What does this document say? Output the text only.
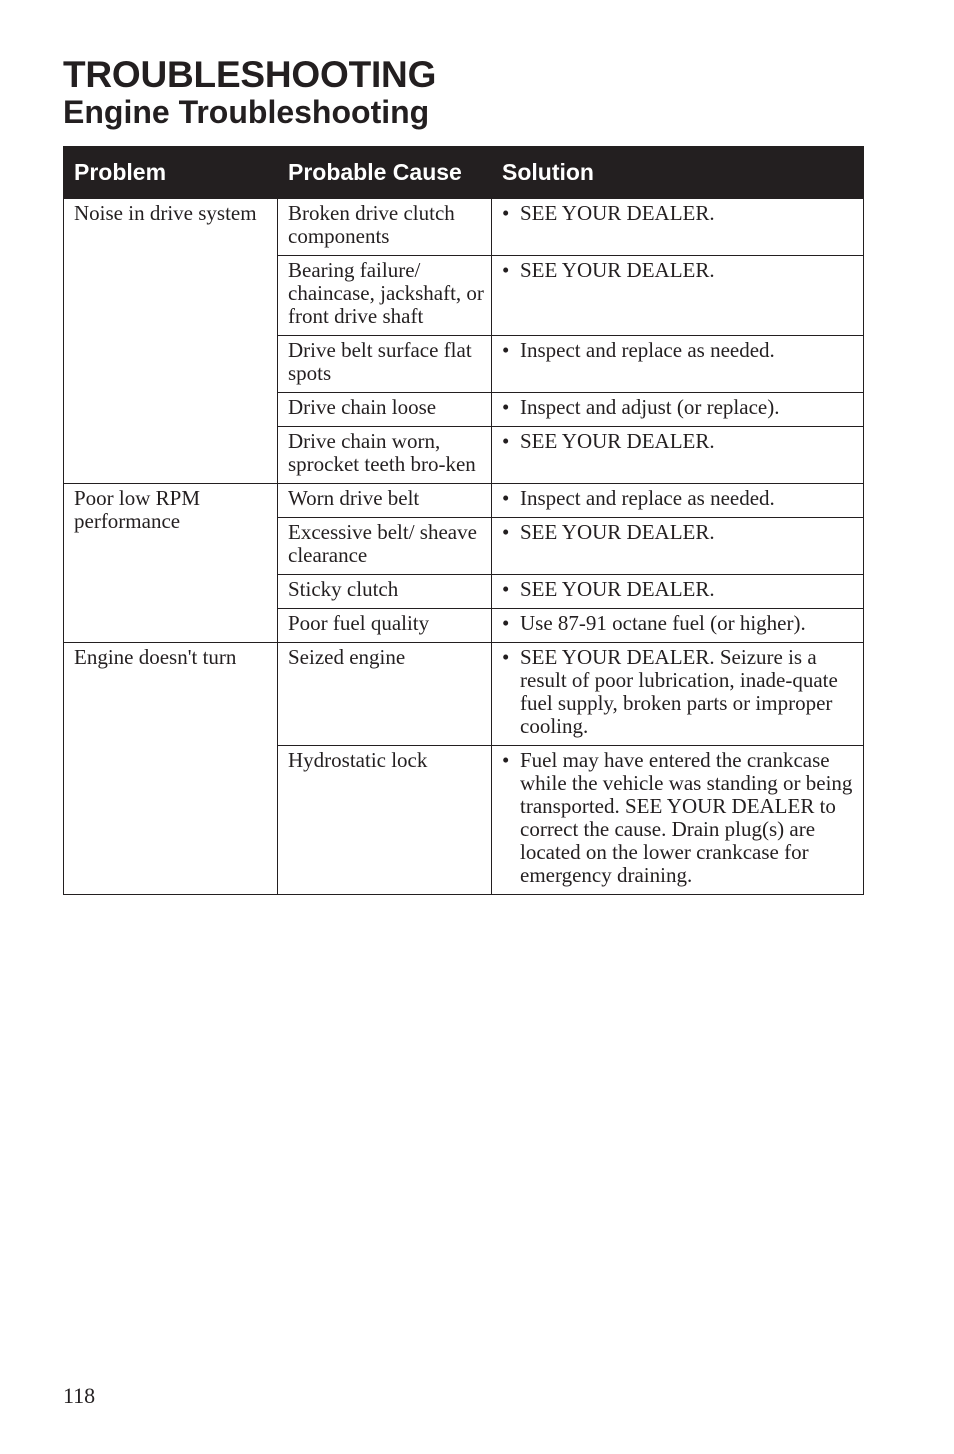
TROUBLESHOOTING
Engine Troubleshooting
Problem	Probable Cause	Solution
Noise in drive system	Broken drive clutch components	• SEE YOUR DEALER.

	Bearing failure/ chaincase, jackshaft, or front drive shaft	• SEE YOUR DEALER.

	Drive belt surface flat spots	• Inspect and replace as needed.

	Drive chain loose	• Inspect and adjust (or replace).

	Drive chain worn, sprocket teeth bro-ken	• SEE YOUR DEALER.

Poor low RPM performance	Worn drive belt	• Inspect and replace as needed.

	Excessive belt/ sheave clearance	• SEE YOUR DEALER.

	Sticky clutch	• SEE YOUR DEALER.

	Poor fuel quality	• Use 87-91 octane fuel (or higher).

Engine doesn't turn	Seized engine	• SEE YOUR DEALER. Seizure is a result of poor lubrication, inade-quate fuel supply, broken parts or improper cooling.

	Hydrostatic lock	• Fuel may have entered the crankcase while the vehicle was standing or being transported. SEE YOUR DEALER to correct the cause. Drain plug(s) are located on the lower crankcase for emergency draining.
118
